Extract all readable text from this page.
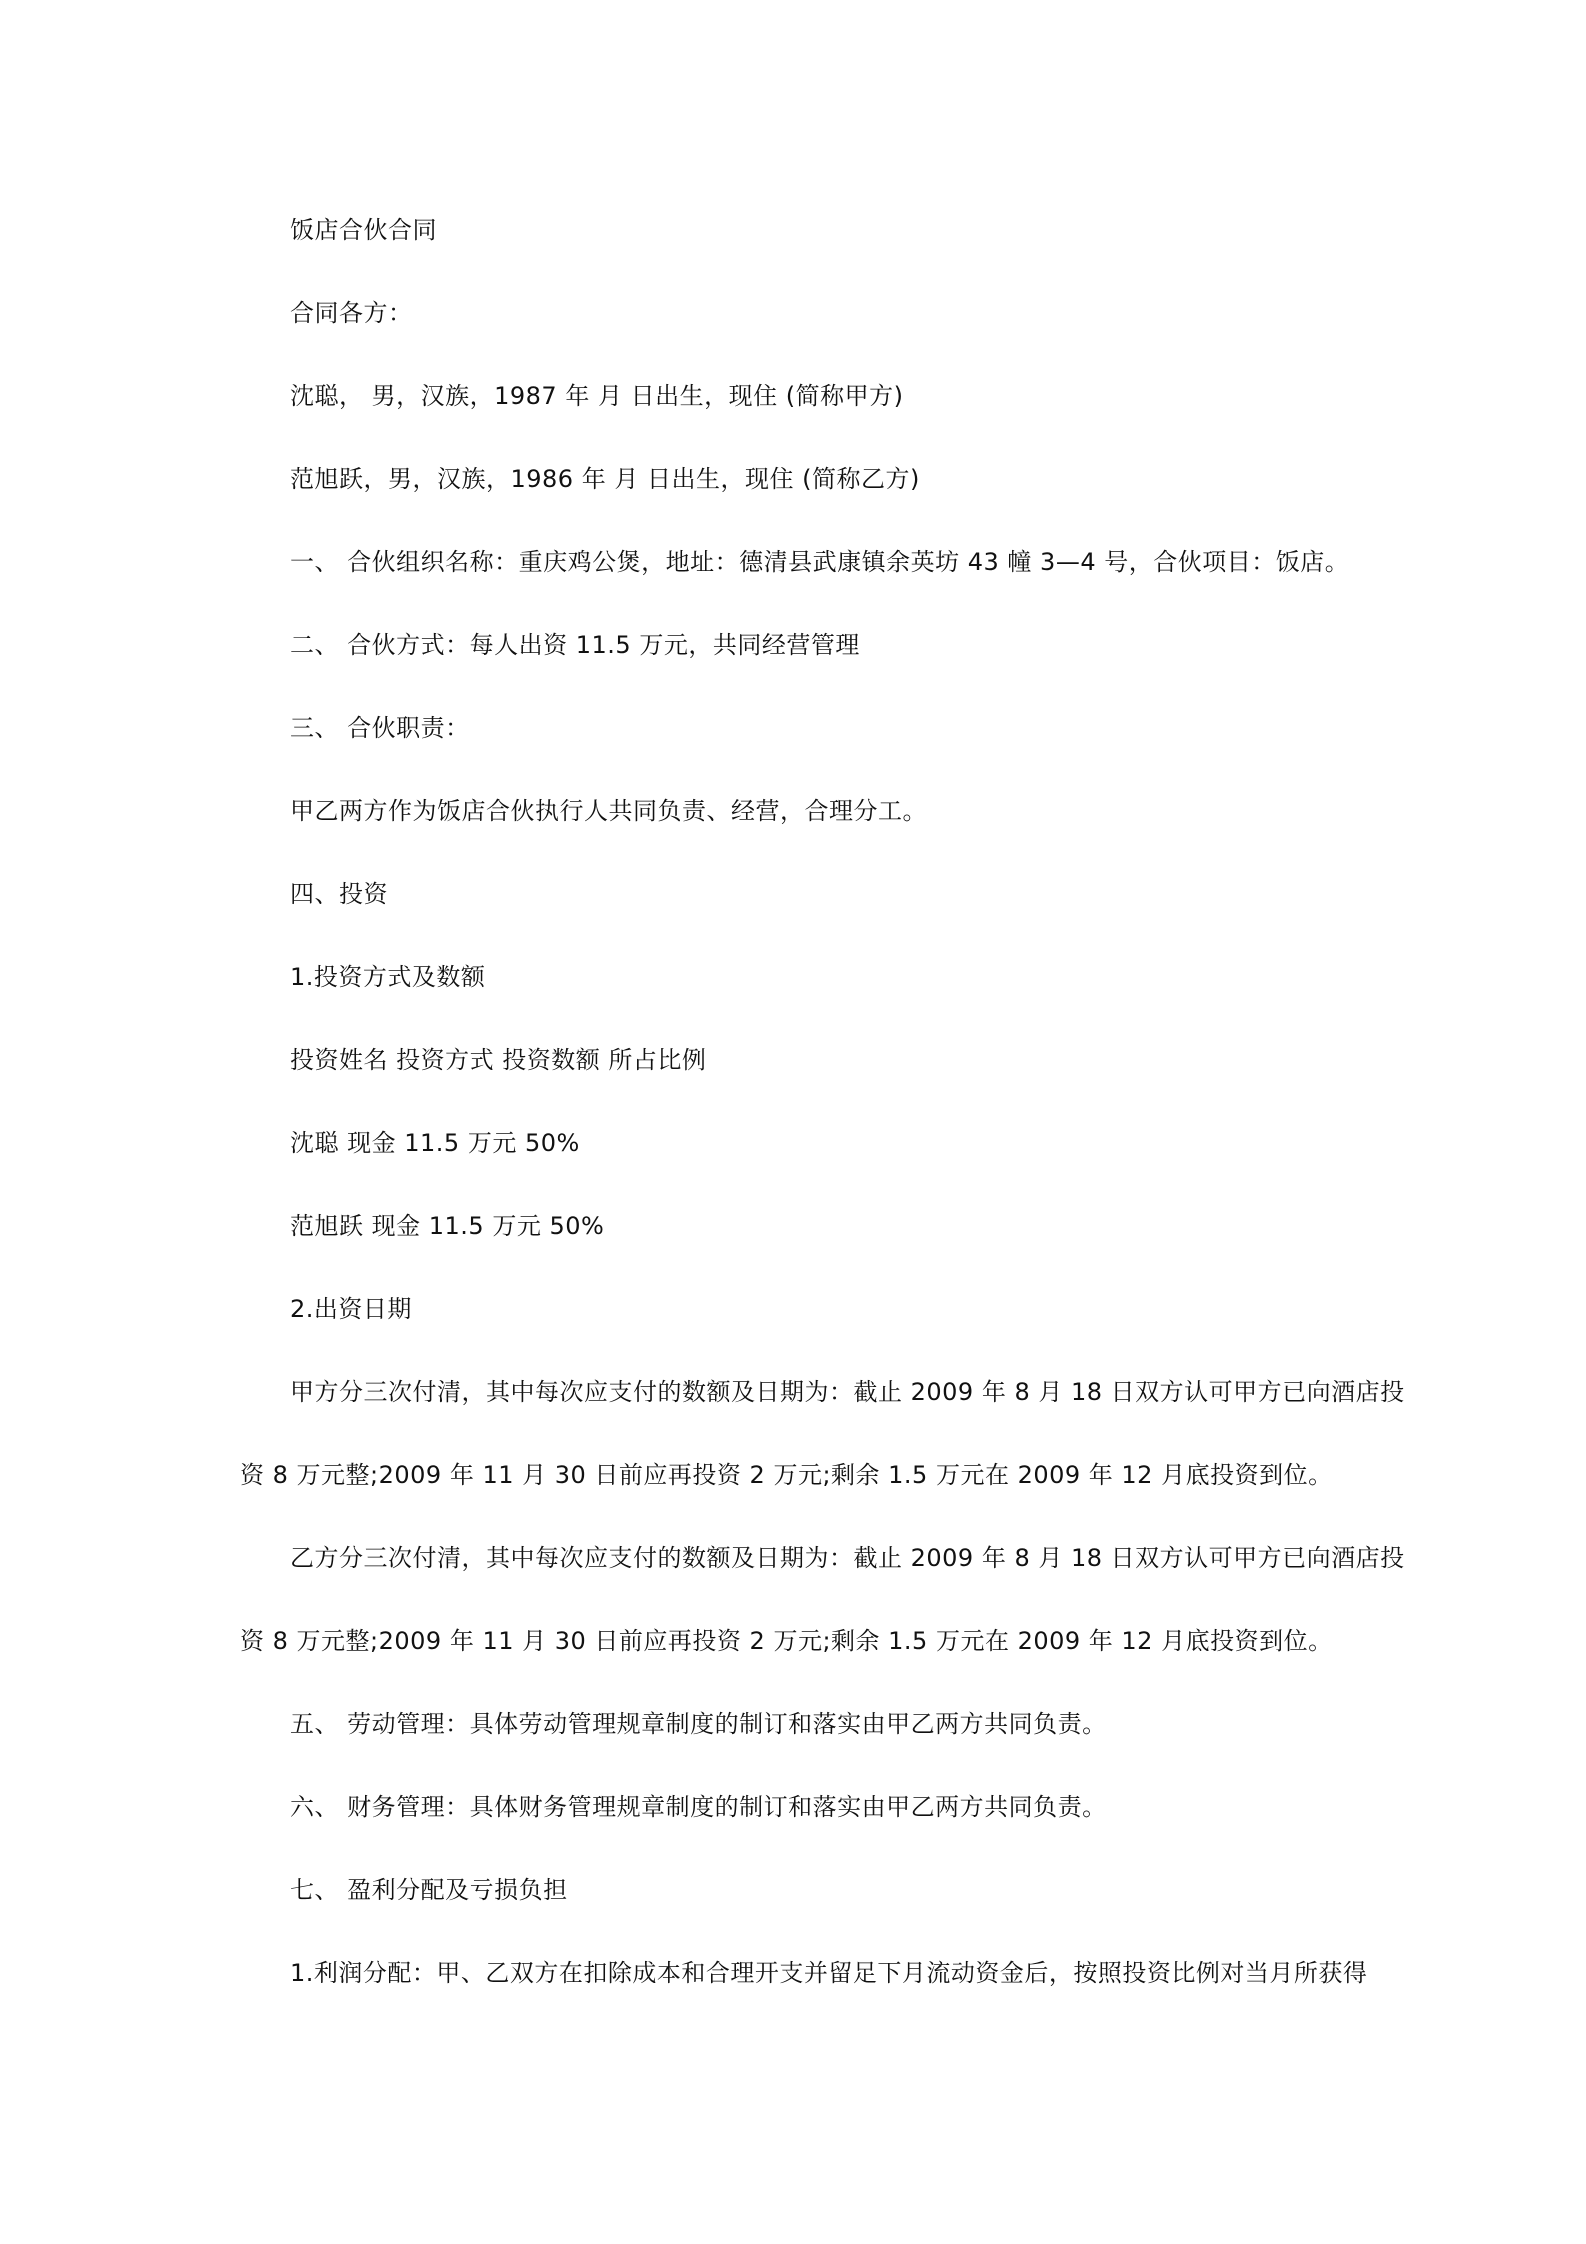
饭店合伙合同
合同各方：
沈聪， 男，汉族，1987 年 月 日出生，现住 (简称甲方)
范旭跃，男，汉族，1986 年 月 日出生，现住 (简称乙方)
一、 合伙组织名称：重庆鸡公煲，地址：德清县武康镇余英坊 43 幢 3—4 号，合伙项目：饭店。
二、 合伙方式：每人出资 11.5 万元，共同经营管理
三、 合伙职责：
甲乙两方作为饭店合伙执行人共同负责、经营，合理分工。
四、投资
1.投资方式及数额
投资姓名 投资方式 投资数额 所占比例
沈聪 现金 11.5 万元 50%
范旭跃 现金 11.5 万元 50%
2.出资日期
甲方分三次付清，其中每次应支付的数额及日期为：截止 2009 年 8 月 18 日双方认可甲方已向酒店投
资 8 万元整;2009 年 11 月 30 日前应再投资 2 万元;剩余 1.5 万元在 2009 年 12 月底投资到位。
乙方分三次付清，其中每次应支付的数额及日期为：截止 2009 年 8 月 18 日双方认可甲方已向酒店投
资 8 万元整;2009 年 11 月 30 日前应再投资 2 万元;剩余 1.5 万元在 2009 年 12 月底投资到位。
五、 劳动管理：具体劳动管理规章制度的制订和落实由甲乙两方共同负责。
六、 财务管理：具体财务管理规章制度的制订和落实由甲乙两方共同负责。
七、 盈利分配及亏损负担
1.利润分配：甲、乙双方在扣除成本和合理开支并留足下月流动资金后，按照投资比例对当月所获得
